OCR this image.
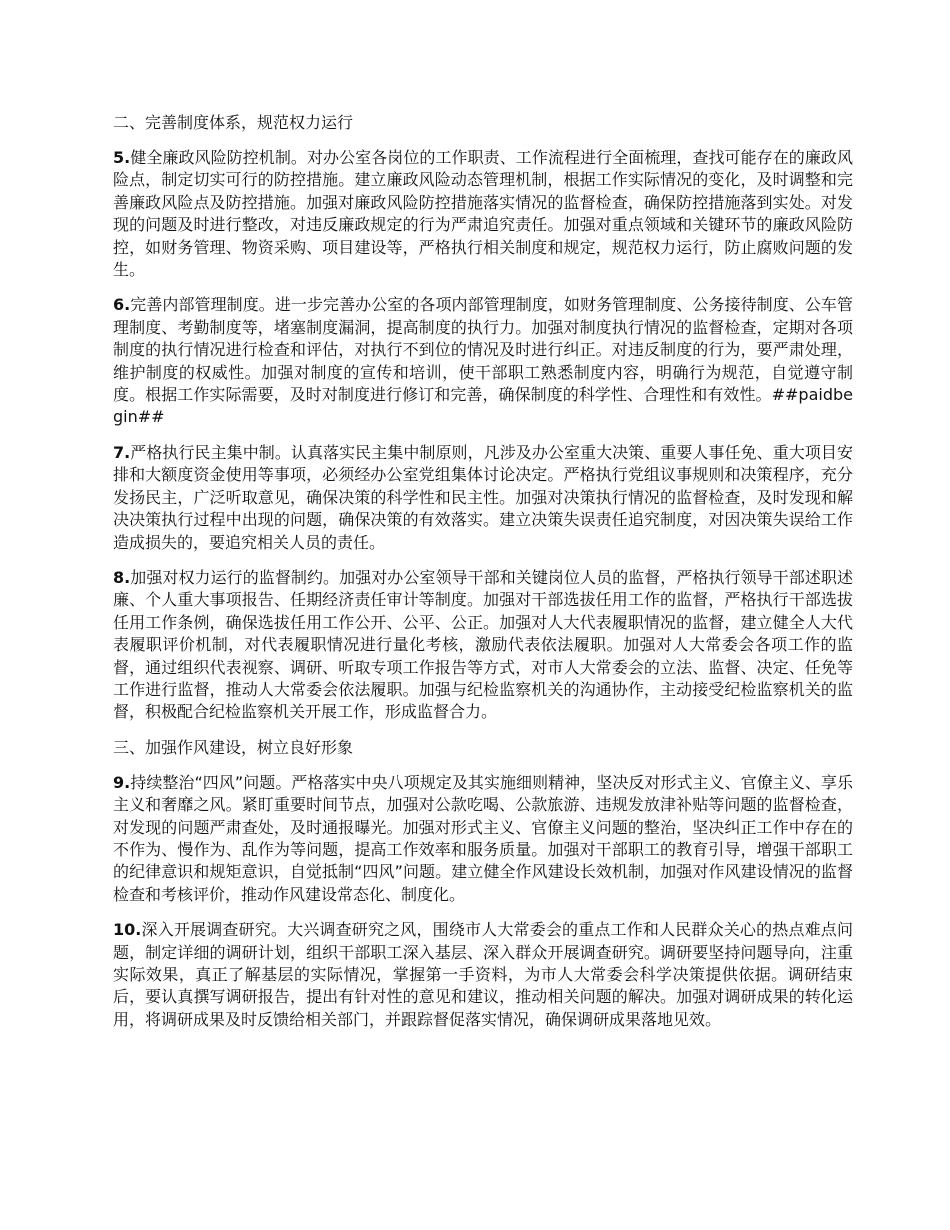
二、完善制度体系，规范权力运行

5.健全廉政风险防控机制。对办公室各岗位的工作职责、工作流程进行全面梳理，查找可能存在的廉政风险点，制定切实可行的防控措施。建立廉政风险动态管理机制，根据工作实际情况的变化，及时调整和完善廉政风险点及防控措施。加强对廉政风险防控措施落实情况的监督检查，确保防控措施落到实处。对发现的问题及时进行整改，对违反廉政规定的行为严肃追究责任。加强对重点领域和关键环节的廉政风险防控，如财务管理、物资采购、项目建设等，严格执行相关制度和规定，规范权力运行，防止腐败问题的发生。

6.完善内部管理制度。进一步完善办公室的各项内部管理制度，如财务管理制度、公务接待制度、公车管理制度、考勤制度等，堵塞制度漏洞，提高制度的执行力。加强对制度执行情况的监督检查，定期对各项制度的执行情况进行检查和评估，对执行不到位的情况及时进行纠正。对违反制度的行为，要严肃处理，维护制度的权威性。加强对制度的宣传和培训，使干部职工熟悉制度内容，明确行为规范，自觉遵守制度。根据工作实际需要，及时对制度进行修订和完善，确保制度的科学性、合理性和有效性。##paidbegin##

7.严格执行民主集中制。认真落实民主集中制原则，凡涉及办公室重大决策、重要人事任免、重大项目安排和大额度资金使用等事项，必须经办公室党组集体讨论决定。严格执行党组议事规则和决策程序，充分发扬民主，广泛听取意见，确保决策的科学性和民主性。加强对决策执行情况的监督检查，及时发现和解决决策执行过程中出现的问题，确保决策的有效落实。建立决策失误责任追究制度，对因决策失误给工作造成损失的，要追究相关人员的责任。

8.加强对权力运行的监督制约。加强对办公室领导干部和关键岗位人员的监督，严格执行领导干部述职述廉、个人重大事项报告、任期经济责任审计等制度。加强对干部选拔任用工作的监督，严格执行干部选拔任用工作条例，确保选拔任用工作公开、公平、公正。加强对人大代表履职情况的监督，建立健全人大代表履职评价机制，对代表履职情况进行量化考核，激励代表依法履职。加强对人大常委会各项工作的监督，通过组织代表视察、调研、听取专项工作报告等方式，对市人大常委会的立法、监督、决定、任免等工作进行监督，推动人大常委会依法履职。加强与纪检监察机关的沟通协作，主动接受纪检监察机关的监督，积极配合纪检监察机关开展工作，形成监督合力。

三、加强作风建设，树立良好形象

9.持续整治“四风”问题。严格落实中央八项规定及其实施细则精神，坚决反对形式主义、官僚主义、享乐主义和奢靡之风。紧盯重要时间节点，加强对公款吃喝、公款旅游、违规发放津补贴等问题的监督检查，对发现的问题严肃查处，及时通报曝光。加强对形式主义、官僚主义问题的整治，坚决纠正工作中存在的不作为、慢作为、乱作为等问题，提高工作效率和服务质量。加强对干部职工的教育引导，增强干部职工的纪律意识和规矩意识，自觉抵制“四风”问题。建立健全作风建设长效机制，加强对作风建设情况的监督检查和考核评价，推动作风建设常态化、制度化。

10.深入开展调查研究。大兴调查研究之风，围绕市人大常委会的重点工作和人民群众关心的热点难点问题，制定详细的调研计划，组织干部职工深入基层、深入群众开展调查研究。调研要坚持问题导向，注重实际效果，真正了解基层的实际情况，掌握第一手资料，为市人大常委会科学决策提供依据。调研结束后，要认真撰写调研报告，提出有针对性的意见和建议，推动相关问题的解决。加强对调研成果的转化运用，将调研成果及时反馈给相关部门，并跟踪督促落实情况，确保调研成果落地见效。
